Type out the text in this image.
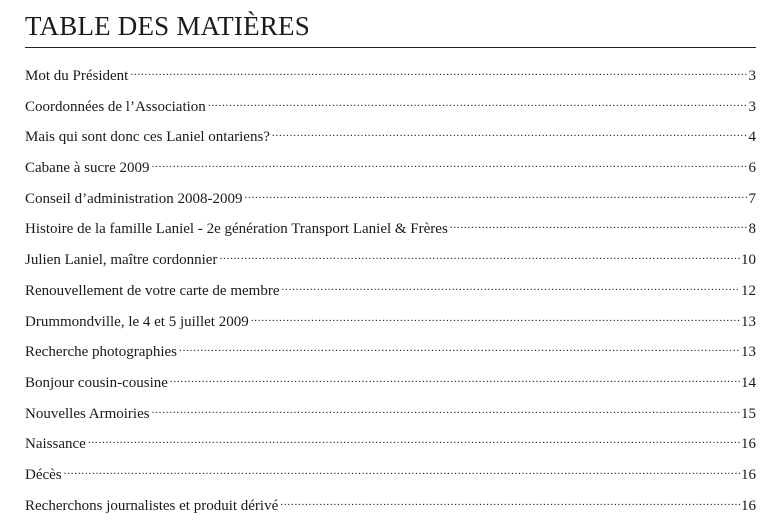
TABLE DES MATIÈRES
Mot du Président .....	3
Coordonnées de l’Association .....	3
Mais qui sont donc ces Laniel ontariens? .....	4
Cabane à sucre 2009 .....	6
Conseil d’administration 2008-2009 .....	7
Histoire de la famille Laniel - 2e génération Transport Laniel & Frères .....	8
Julien Laniel, maître cordonnier .....	10
Renouvellement de votre carte de membre .....	12
Drummondville, le 4 et 5 juillet 2009 .....	13
Recherche photographies .....	13
Bonjour cousin-cousine .....	14
Nouvelles Armoiries .....	15
Naissance .....	16
Décès .....	16
Recherchons journalistes et produit dérivé .....	16
